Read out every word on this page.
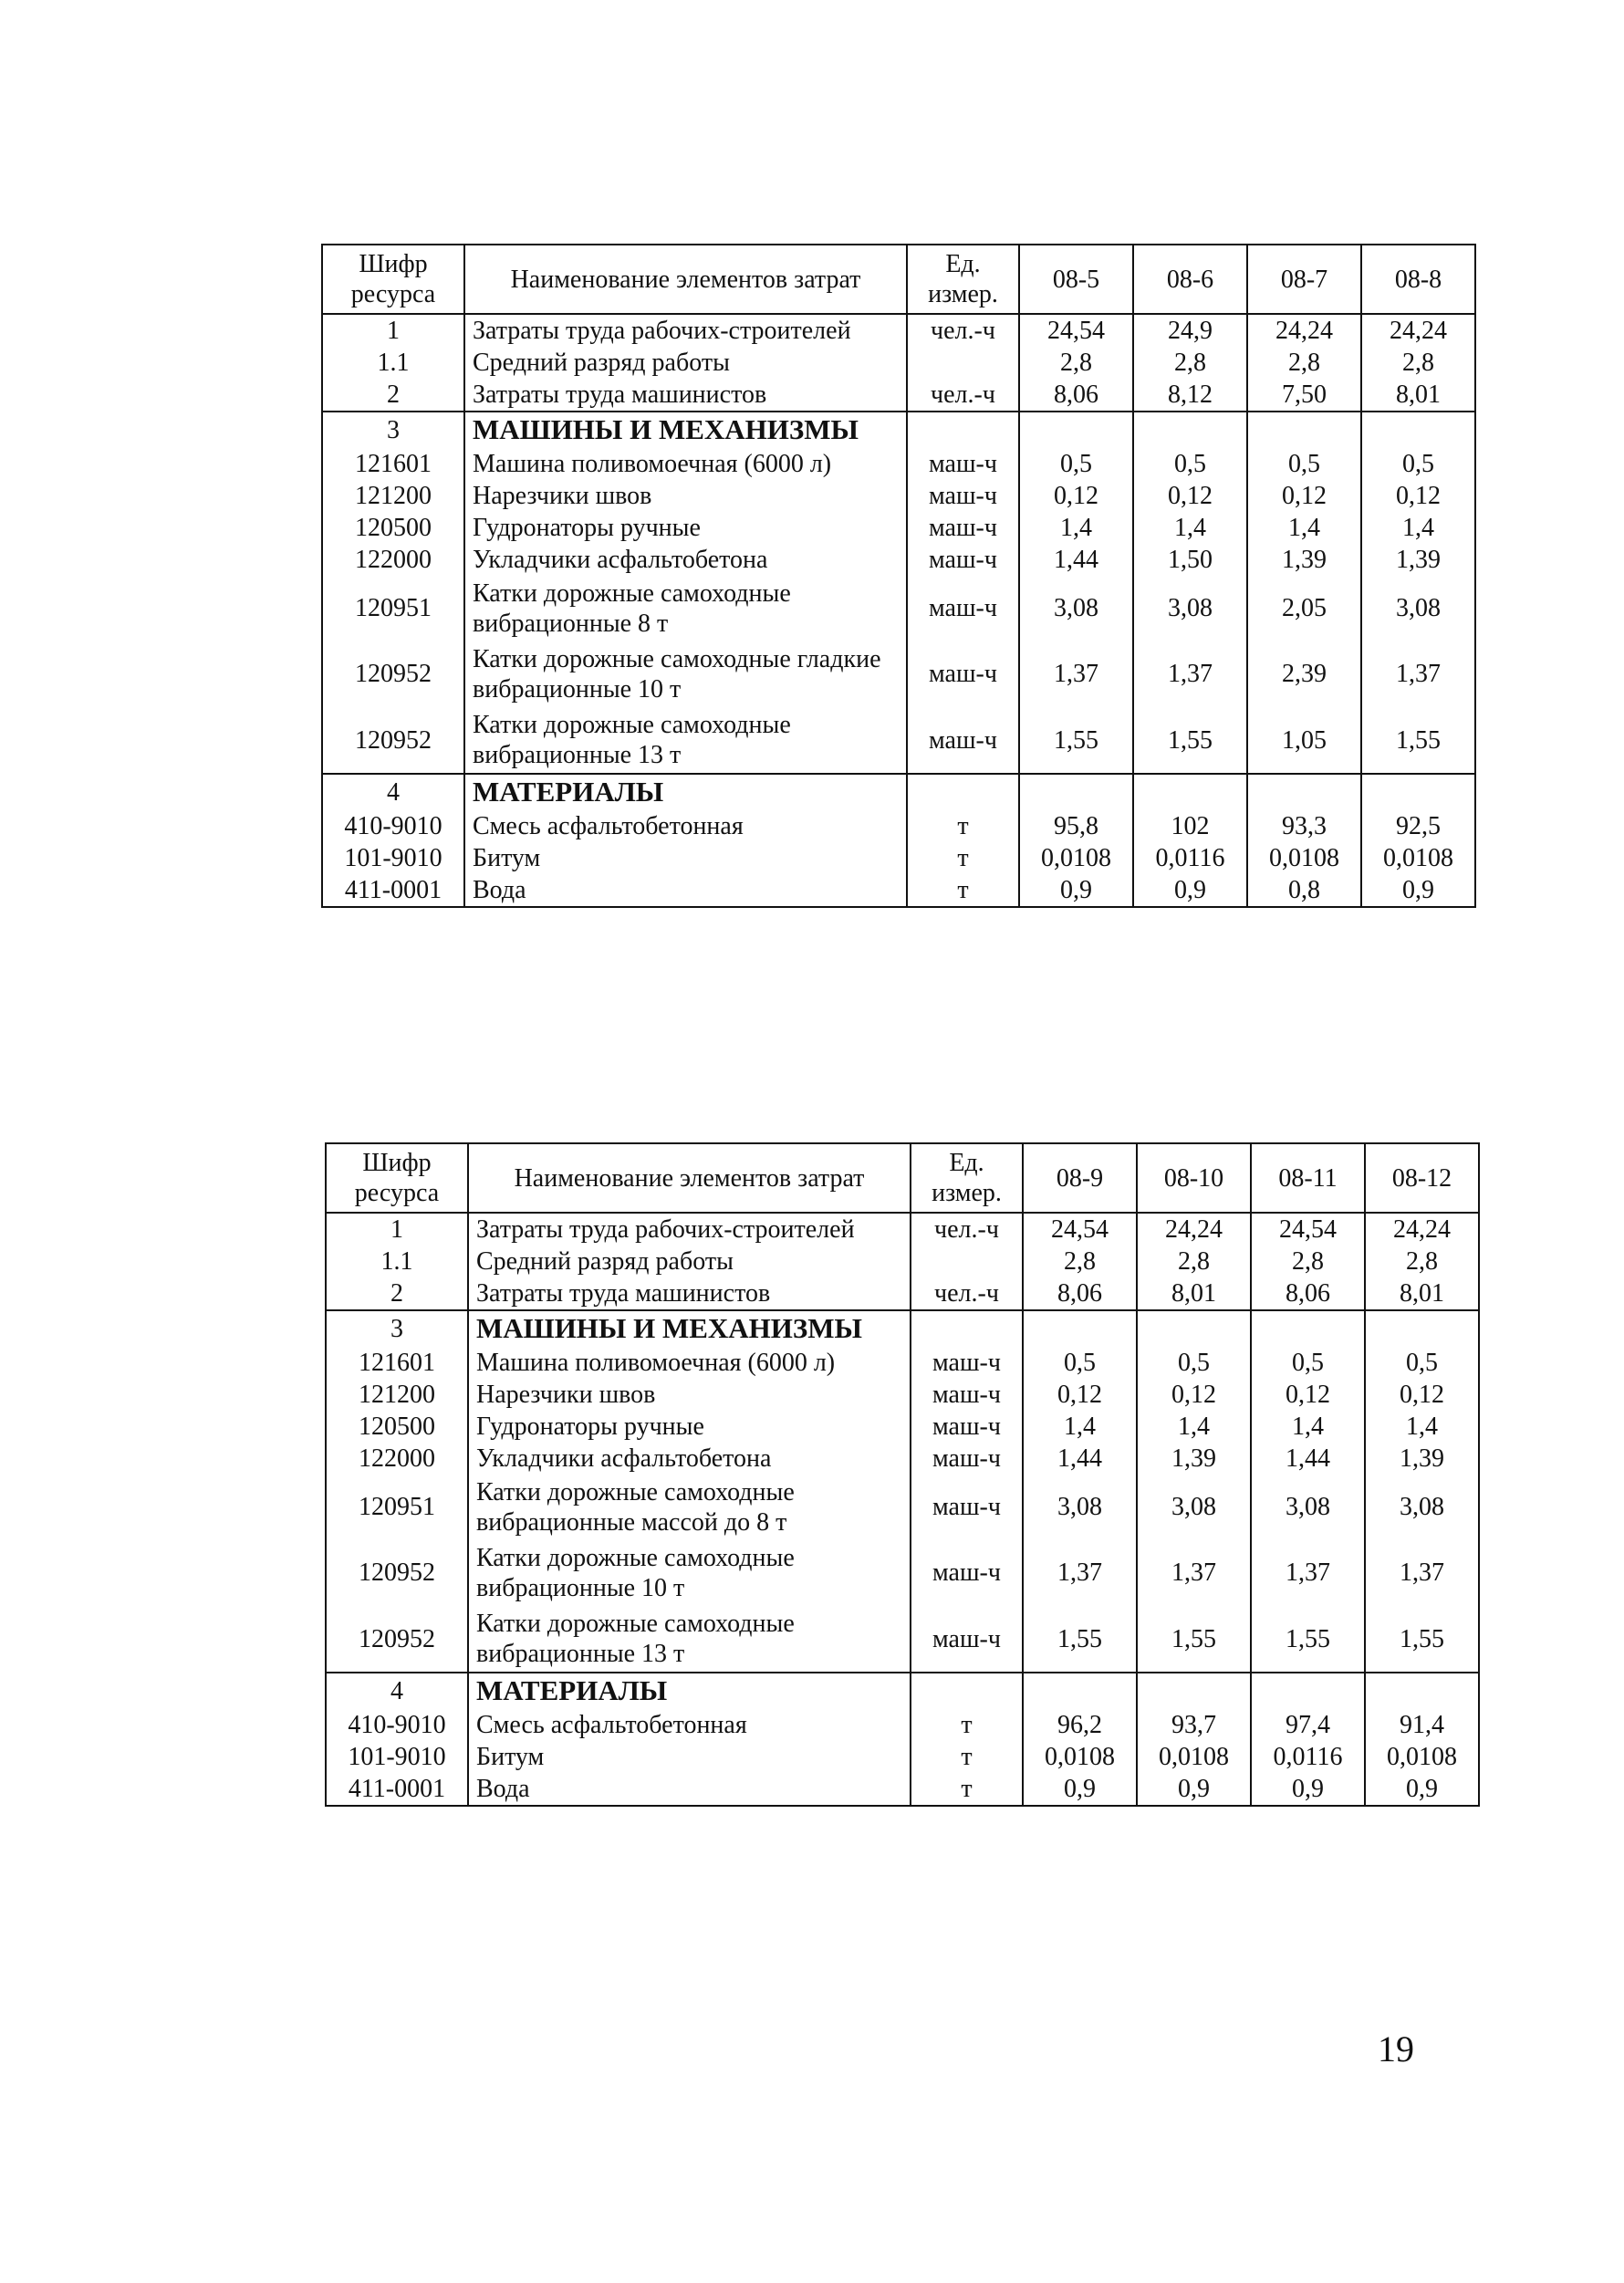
Шифр ресурса	Наименование элементов затрат	Ед. измер.	08-5	08-6	08-7	08-8
1	Затраты труда рабочих-строителей	чел.-ч	24,54	24,9	24,24	24,24
1.1	Средний разряд работы		2,8	2,8	2,8	2,8
2	Затраты труда машинистов	чел.-ч	8,06	8,12	7,50	8,01
3	МАШИНЫ И МЕХАНИЗМЫ					
121601	Машина поливомоечная (6000 л)	маш-ч	0,5	0,5	0,5	0,5
121200	Нарезчики швов	маш-ч	0,12	0,12	0,12	0,12
120500	Гудронаторы ручные	маш-ч	1,4	1,4	1,4	1,4
122000	Укладчики асфальтобетона	маш-ч	1,44	1,50	1,39	1,39
120951	Катки дорожные самоходные вибрационные 8 т	маш-ч	3,08	3,08	2,05	3,08
120952	Катки дорожные самоходные гладкие вибрационные 10 т	маш-ч	1,37	1,37	2,39	1,37
120952	Катки дорожные самоходные вибрационные 13 т	маш-ч	1,55	1,55	1,05	1,55
4	МАТЕРИАЛЫ					
410-9010	Смесь асфальтобетонная	т	95,8	102	93,3	92,5
101-9010	Битум	т	0,0108	0,0116	0,0108	0,0108
411-0001	Вода	т	0,9	0,9	0,8	0,9
Шифр ресурса	Наименование элементов затрат	Ед. измер.	08-9	08-10	08-11	08-12
1	Затраты труда рабочих-строителей	чел.-ч	24,54	24,24	24,54	24,24
1.1	Средний разряд работы		2,8	2,8	2,8	2,8
2	Затраты труда машинистов	чел.-ч	8,06	8,01	8,06	8,01
3	МАШИНЫ И МЕХАНИЗМЫ					
121601	Машина поливомоечная (6000 л)	маш-ч	0,5	0,5	0,5	0,5
121200	Нарезчики швов	маш-ч	0,12	0,12	0,12	0,12
120500	Гудронаторы ручные	маш-ч	1,4	1,4	1,4	1,4
122000	Укладчики асфальтобетона	маш-ч	1,44	1,39	1,44	1,39
120951	Катки дорожные самоходные вибрационные массой до 8 т	маш-ч	3,08	3,08	3,08	3,08
120952	Катки дорожные самоходные вибрационные 10 т	маш-ч	1,37	1,37	1,37	1,37
120952	Катки дорожные самоходные вибрационные 13 т	маш-ч	1,55	1,55	1,55	1,55
4	МАТЕРИАЛЫ					
410-9010	Смесь асфальтобетонная	т	96,2	93,7	97,4	91,4
101-9010	Битум	т	0,0108	0,0108	0,0116	0,0108
411-0001	Вода	т	0,9	0,9	0,9	0,9
19
